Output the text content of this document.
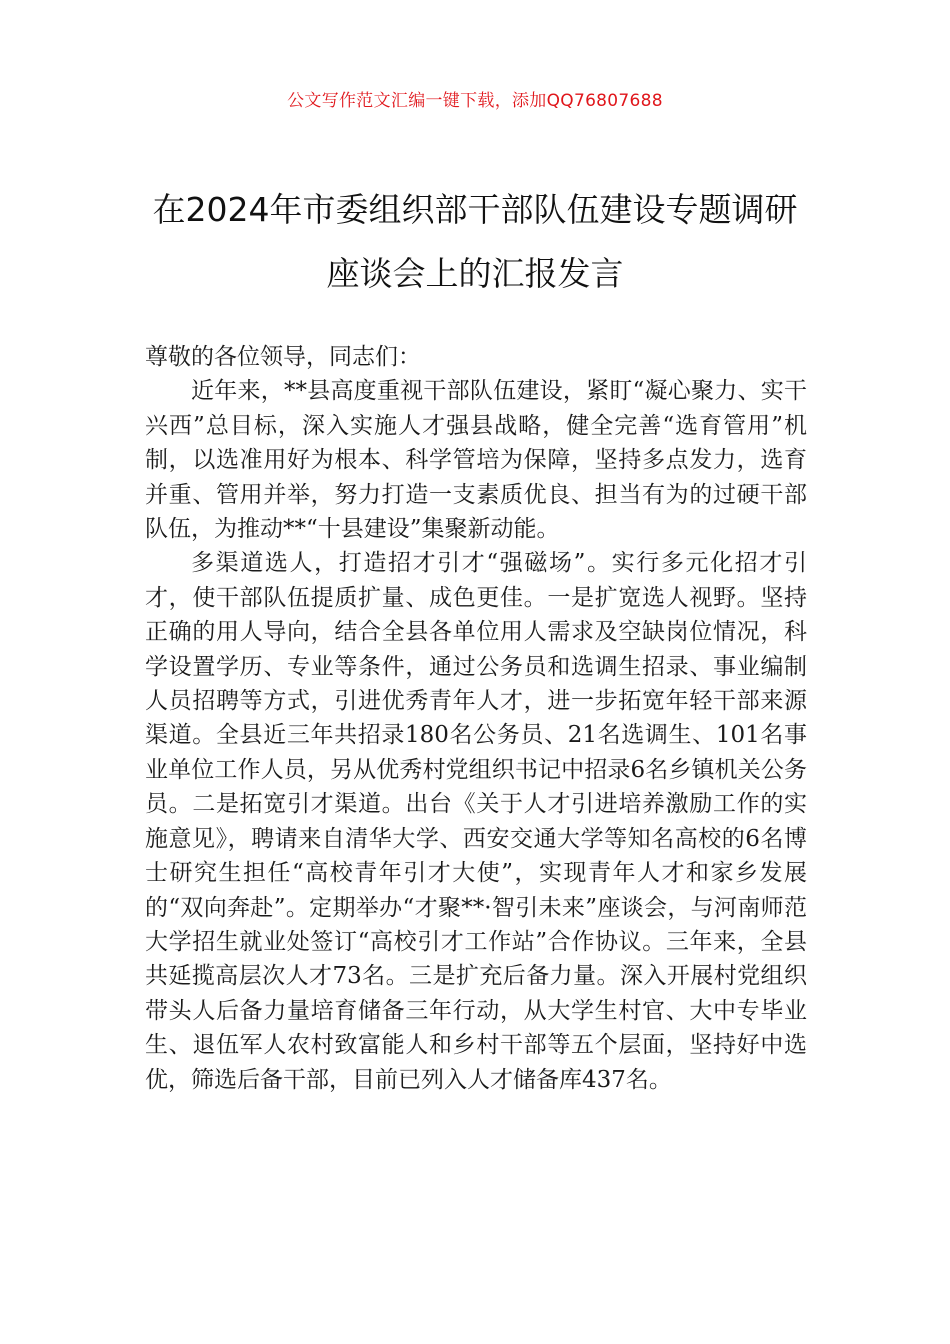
公文写作范文汇编一键下载，添加QQ76807688
在2024年市委组织部干部队伍建设专题调研座谈会上的汇报发言

尊敬的各位领导，同志们：

近年来，**县高度重视干部队伍建设，紧盯“凝心聚力、实干兴西”总目标，深入实施人才强县战略，健全完善“选育管用”机制，以选准用好为根本、科学管培为保障，坚持多点发力，选育并重、管用并举，努力打造一支素质优良、担当有为的过硬干部队伍，为推动**“十县建设”集聚新动能。

多渠道选人，打造招才引才“强磁场”。实行多元化招才引才，使干部队伍提质扩量、成色更佳。一是扩宽选人视野。坚持正确的用人导向，结合全县各单位用人需求及空缺岗位情况，科学设置学历、专业等条件，通过公务员和选调生招录、事业编制人员招聘等方式，引进优秀青年人才，进一步拓宽年轻干部来源渠道。全县近三年共招录180名公务员、21名选调生、101名事业单位工作人员，另从优秀村党组织书记中招录6名乡镇机关公务员。二是拓宽引才渠道。出台《关于人才引进培养激励工作的实施意见》，聘请来自清华大学、西安交通大学等知名高校的6名博士研究生担任“高校青年引才大使”，实现青年人才和家乡发展的“双向奔赴”。定期举办“才聚**·智引未来”座谈会，与河南师范大学招生就业处签订“高校引才工作站”合作协议。三年来，全县共延揽高层次人才73名。三是扩充后备力量。深入开展村党组织带头人后备力量培育储备三年行动，从大学生村官、大中专毕业生、退伍军人农村致富能人和乡村干部等五个层面，坚持好中选优，筛选后备干部，目前已列入人才储备库437名。
